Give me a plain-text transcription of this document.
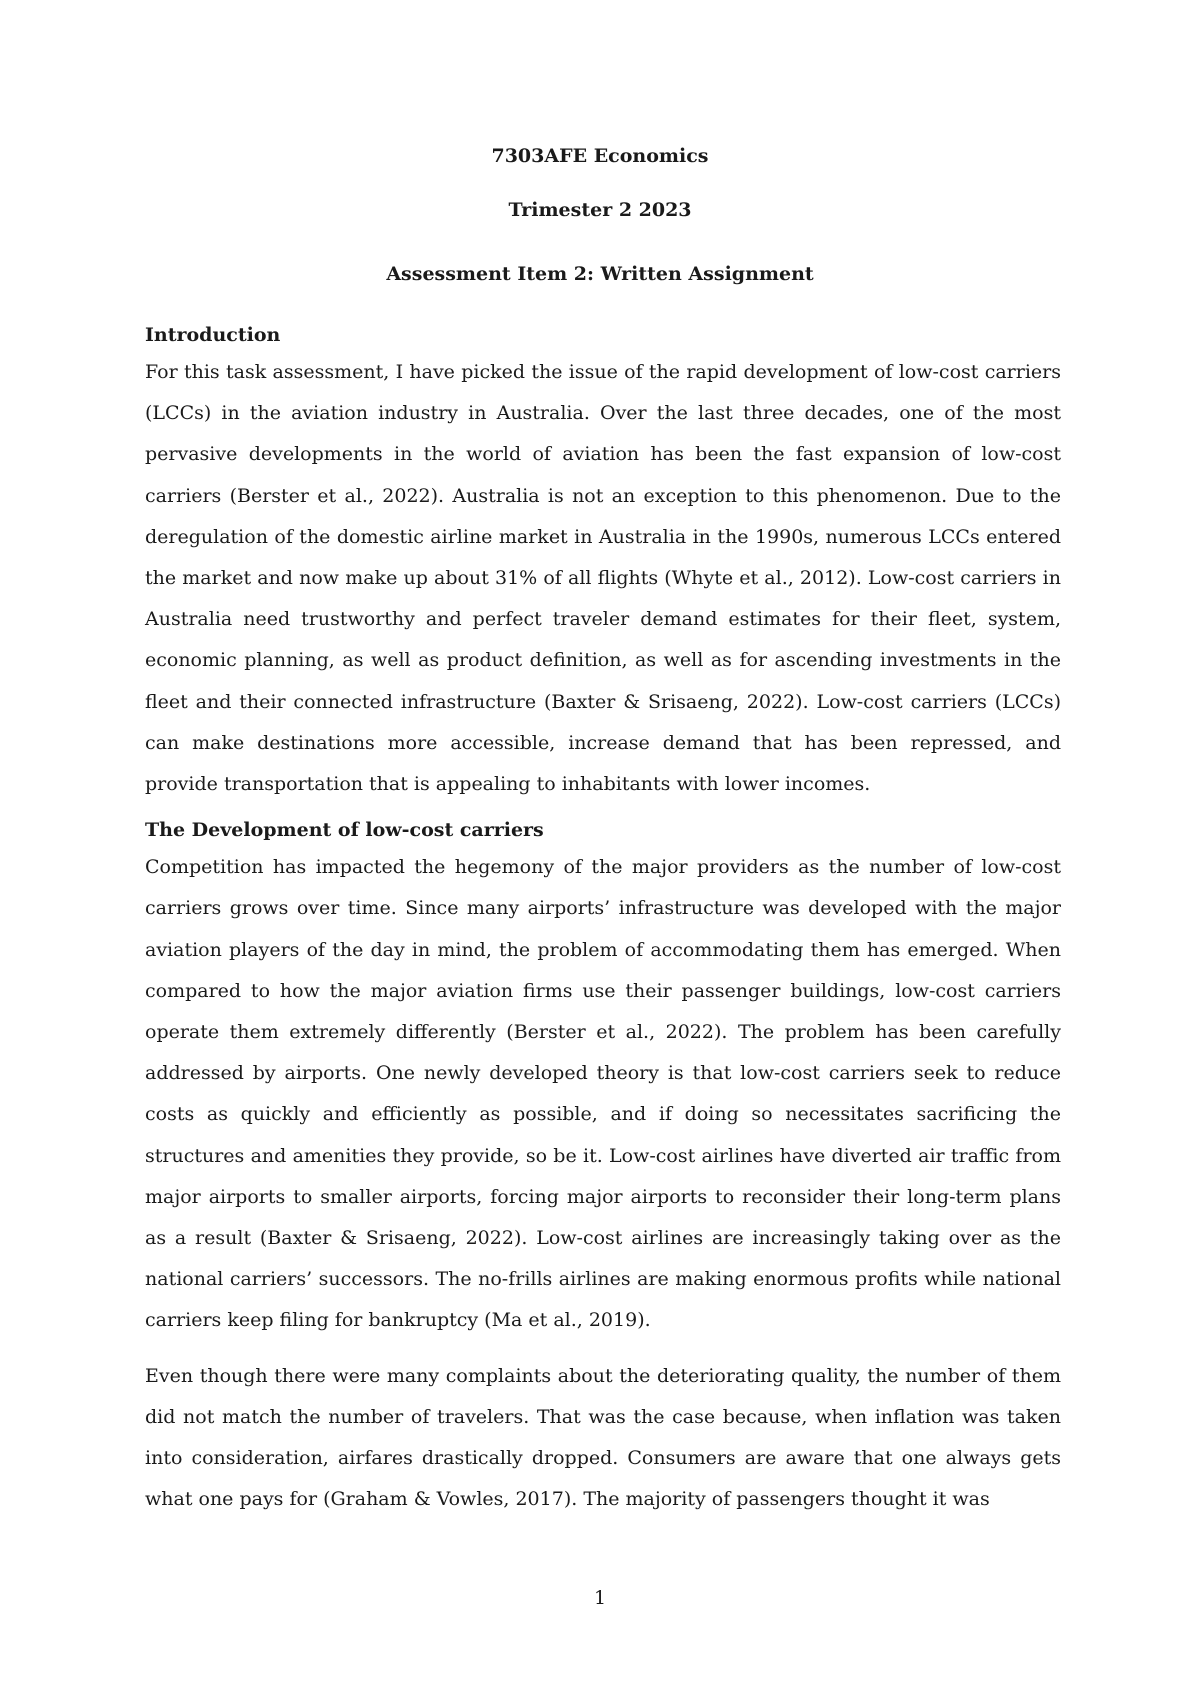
7303AFE Economics

Trimester 2 2023

Assessment Item 2: Written Assignment

Introduction

For this task assessment, I have picked the issue of the rapid development of low-cost carriers (LCCs) in the aviation industry in Australia. Over the last three decades, one of the most pervasive developments in the world of aviation has been the fast expansion of low-cost carriers (Berster et al., 2022). Australia is not an exception to this phenomenon. Due to the deregulation of the domestic airline market in Australia in the 1990s, numerous LCCs entered the market and now make up about 31% of all flights (Whyte et al., 2012). Low-cost carriers in Australia need trustworthy and perfect traveler demand estimates for their fleet, system, economic planning, as well as product definition, as well as for ascending investments in the fleet and their connected infrastructure (Baxter & Srisaeng, 2022). Low-cost carriers (LCCs) can make destinations more accessible, increase demand that has been repressed, and provide transportation that is appealing to inhabitants with lower incomes.

The Development of low-cost carriers

Competition has impacted the hegemony of the major providers as the number of low-cost carriers grows over time. Since many airports’ infrastructure was developed with the major aviation players of the day in mind, the problem of accommodating them has emerged. When compared to how the major aviation firms use their passenger buildings, low-cost carriers operate them extremely differently (Berster et al., 2022). The problem has been carefully addressed by airports. One newly developed theory is that low-cost carriers seek to reduce costs as quickly and efficiently as possible, and if doing so necessitates sacrificing the structures and amenities they provide, so be it. Low-cost airlines have diverted air traffic from major airports to smaller airports, forcing major airports to reconsider their long-term plans as a result (Baxter & Srisaeng, 2022). Low-cost airlines are increasingly taking over as the national carriers’ successors. The no-frills airlines are making enormous profits while national carriers keep filing for bankruptcy (Ma et al., 2019).

Even though there were many complaints about the deteriorating quality, the number of them did not match the number of travelers. That was the case because, when inflation was taken into consideration, airfares drastically dropped. Consumers are aware that one always gets what one pays for (Graham & Vowles, 2017). The majority of passengers thought it was

1
